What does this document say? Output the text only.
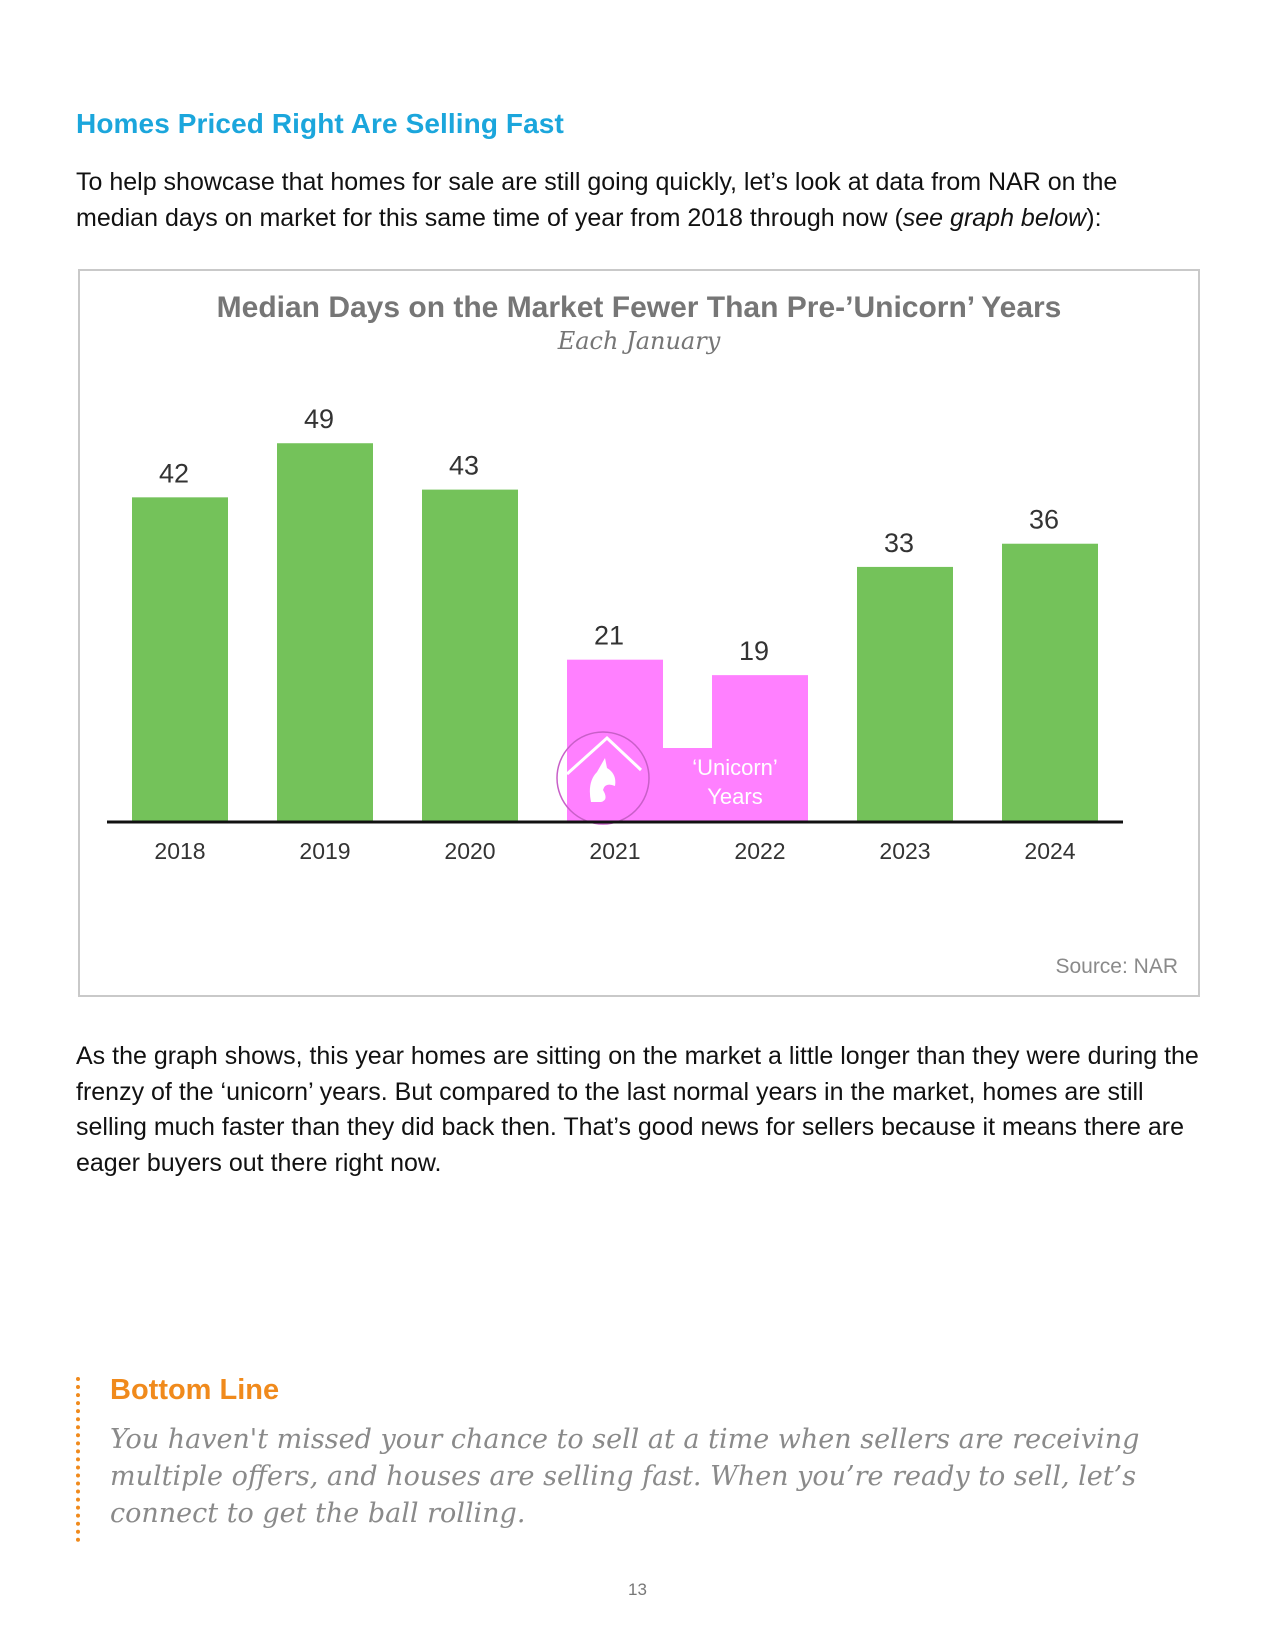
Homes Priced Right Are Selling Fast

To help showcase that homes for sale are still going quickly, let’s look at data from NAR on the median days on market for this same time of year from 2018 through now (see graph below):

Median Days on the Market Fewer Than Pre-’Unicorn’ Years

Each January

42
2018
49
2019
43
2020
21
2021
19
2022
33
2023
36
2024
‘Unicorn’
Years
Source: NAR

As the graph shows, this year homes are sitting on the market a little longer than they were during the frenzy of the ‘unicorn’ years. But compared to the last normal years in the market, homes are still selling much faster than they did back then. That’s good news for sellers because it means there are eager buyers out there right now.

Bottom Line

You haven't missed your chance to sell at a time when sellers are receiving multiple offers, and houses are selling fast. When you’re ready to sell, let’s connect to get the ball rolling.

13
